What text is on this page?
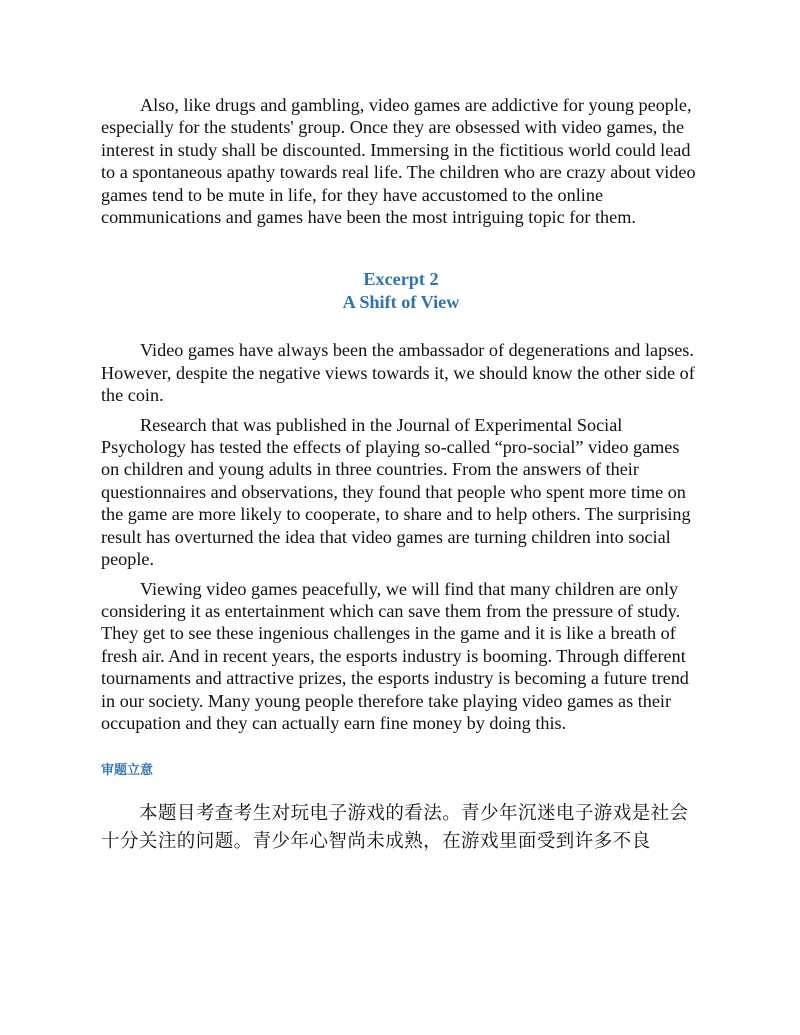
Also, like drugs and gambling, video games are addictive for young people, especially for the students' group. Once they are obsessed with video games, the interest in study shall be discounted. Immersing in the fictitious world could lead to a spontaneous apathy towards real life. The children who are crazy about video games tend to be mute in life, for they have accustomed to the online communications and games have been the most intriguing topic for them.

Excerpt 2
A Shift of View

Video games have always been the ambassador of degenerations and lapses. However, despite the negative views towards it, we should know the other side of the coin.

Research that was published in the Journal of Experimental Social Psychology has tested the effects of playing so-called “pro-social” video games on children and young adults in three countries. From the answers of their questionnaires and observations, they found that people who spent more time on the game are more likely to cooperate, to share and to help others. The surprising result has overturned the idea that video games are turning children into social people.

Viewing video games peacefully, we will find that many children are only considering it as entertainment which can save them from the pressure of study. They get to see these ingenious challenges in the game and it is like a breath of fresh air. And in recent years, the esports industry is booming. Through different tournaments and attractive prizes, the esports industry is becoming a future trend in our society. Many young people therefore take playing video games as their occupation and they can actually earn fine money by doing this.

审题立意

本题目考查考生对玩电子游戏的看法。青少年沉迷电子游戏是社会十分关注的问题。青少年心智尚未成熟，在游戏里面受到许多不良
